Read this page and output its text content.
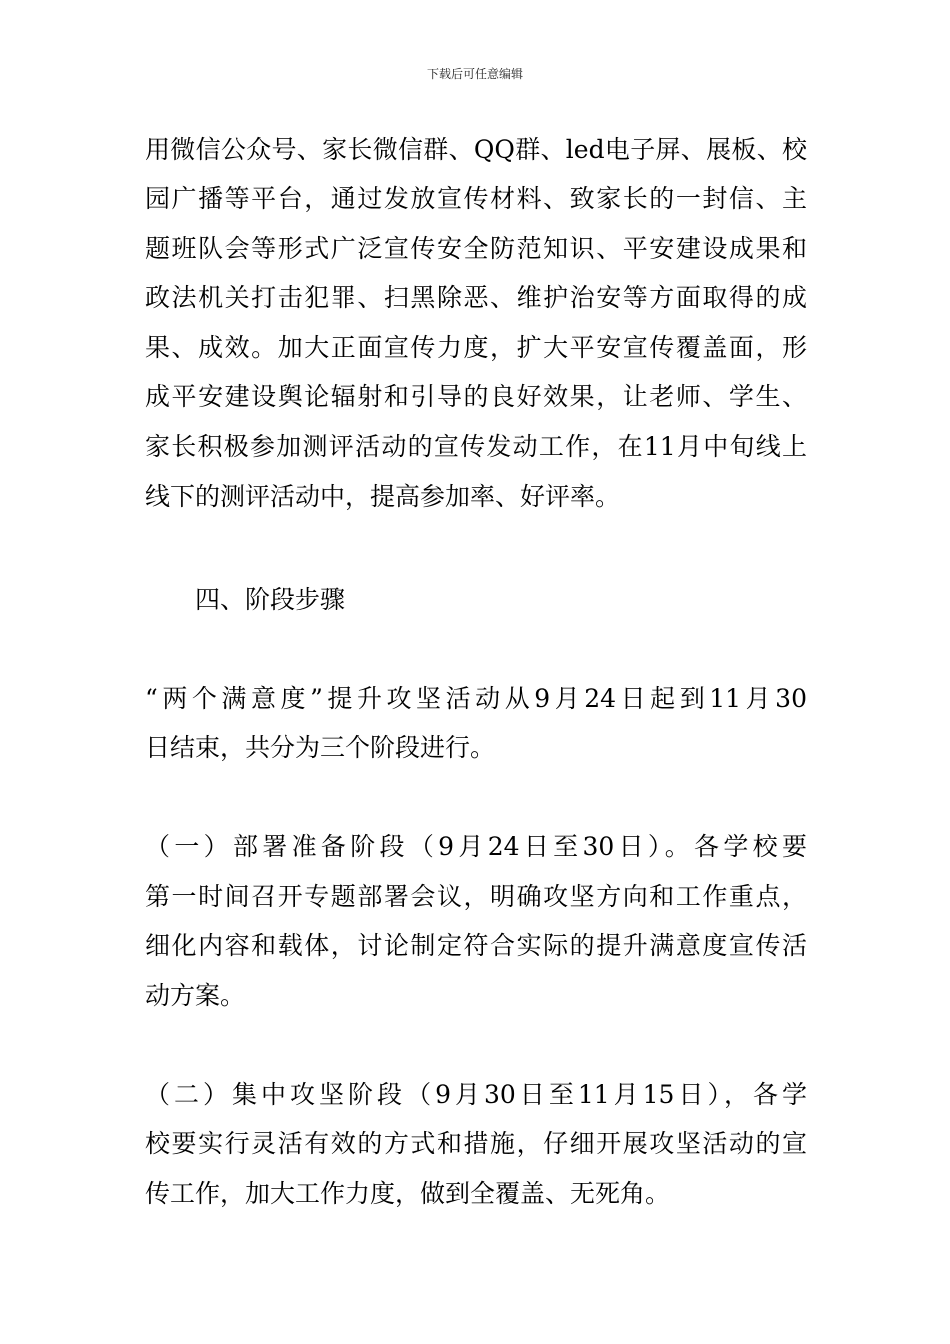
下载后可任意编辑
用微信公众号、家长微信群、QQ群、led电子屏、展板、校
园广播等平台，通过发放宣传材料、致家长的一封信、主
题班队会等形式广泛宣传安全防范知识、平安建设成果和
政法机关打击犯罪、扫黑除恶、维护治安等方面取得的成
果、成效。加大正面宣传力度，扩大平安宣传覆盖面，形
成平安建设舆论辐射和引导的良好效果，让老师、学生、
家长积极参加测评活动的宣传发动工作，在11月中旬线上
线下的测评活动中，提高参加率、好评率。
四、阶段步骤
“两个满意度”提升攻坚活动从9月24日起到11月30
日结束，共分为三个阶段进行。
（一）部署准备阶段（9月24日至30日）。各学校要
第一时间召开专题部署会议，明确攻坚方向和工作重点，
细化内容和载体，讨论制定符合实际的提升满意度宣传活
动方案。
（二）集中攻坚阶段（9月30日至11月15日），各学
校要实行灵活有效的方式和措施，仔细开展攻坚活动的宣
传工作，加大工作力度，做到全覆盖、无死角。
